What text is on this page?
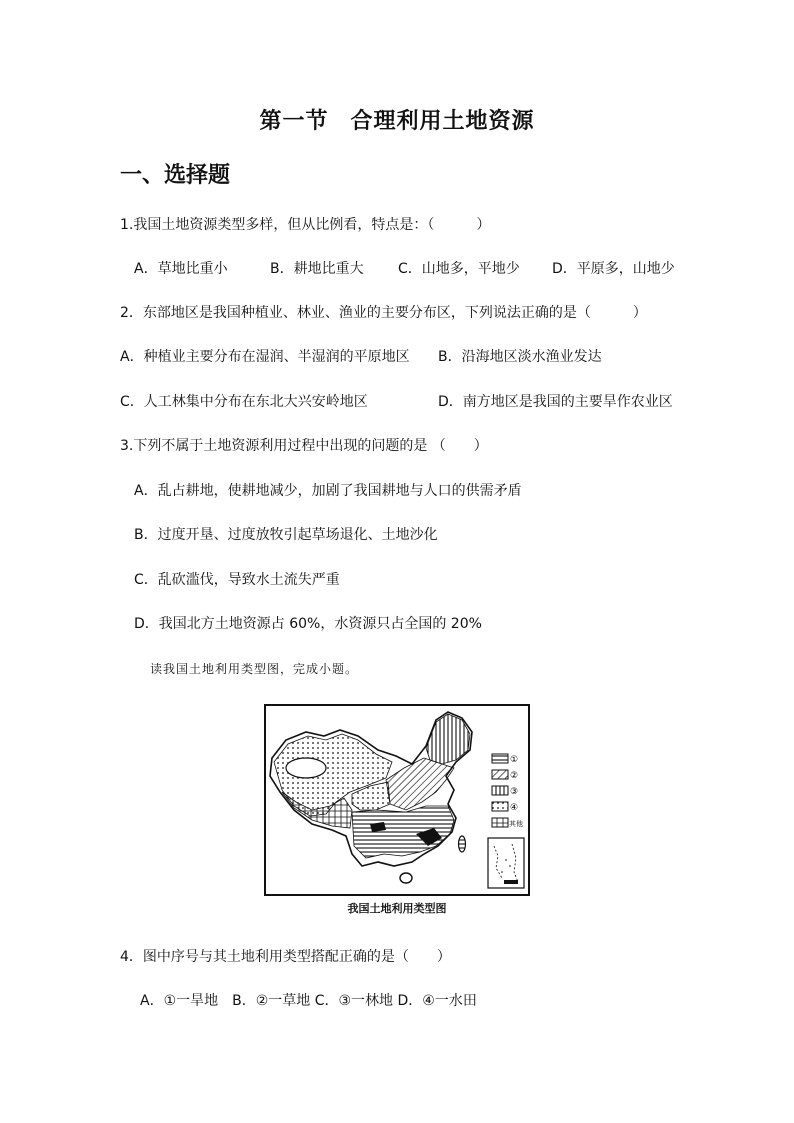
第一节 合理利用土地资源
一、选择题
1.我国土地资源类型多样，但从比例看，特点是：（　　　）
A．草地比重小	B．耕地比重大 C．山地多，平地少 D．平原多，山地少
2．东部地区是我国种植业、林业、渔业的主要分布区，下列说法正确的是（　　　）
A．种植业主要分布在湿润、半湿润的平原地区 B．沿海地区淡水渔业发达
C．人工林集中分布在东北大兴安岭地区	D．南方地区是我国的主要旱作农业区
3.下列不属于土地资源利用过程中出现的问题的是 （　　）
A．乱占耕地，使耕地减少，加剧了我国耕地与人口的供需矛盾
B．过度开垦、过度放牧引起草场退化、土地沙化
C．乱砍滥伐，导致水土流失严重
D．我国北方土地资源占 60%，水资源只占全国的 20%
读我国土地利用类型图，完成小题。
①
②
③
④
其他
我国土地利用类型图
4．图中序号与其土地利用类型搭配正确的是（　　）
A．①一旱地　B．②一草地 C．③一林地 D．④一水田
